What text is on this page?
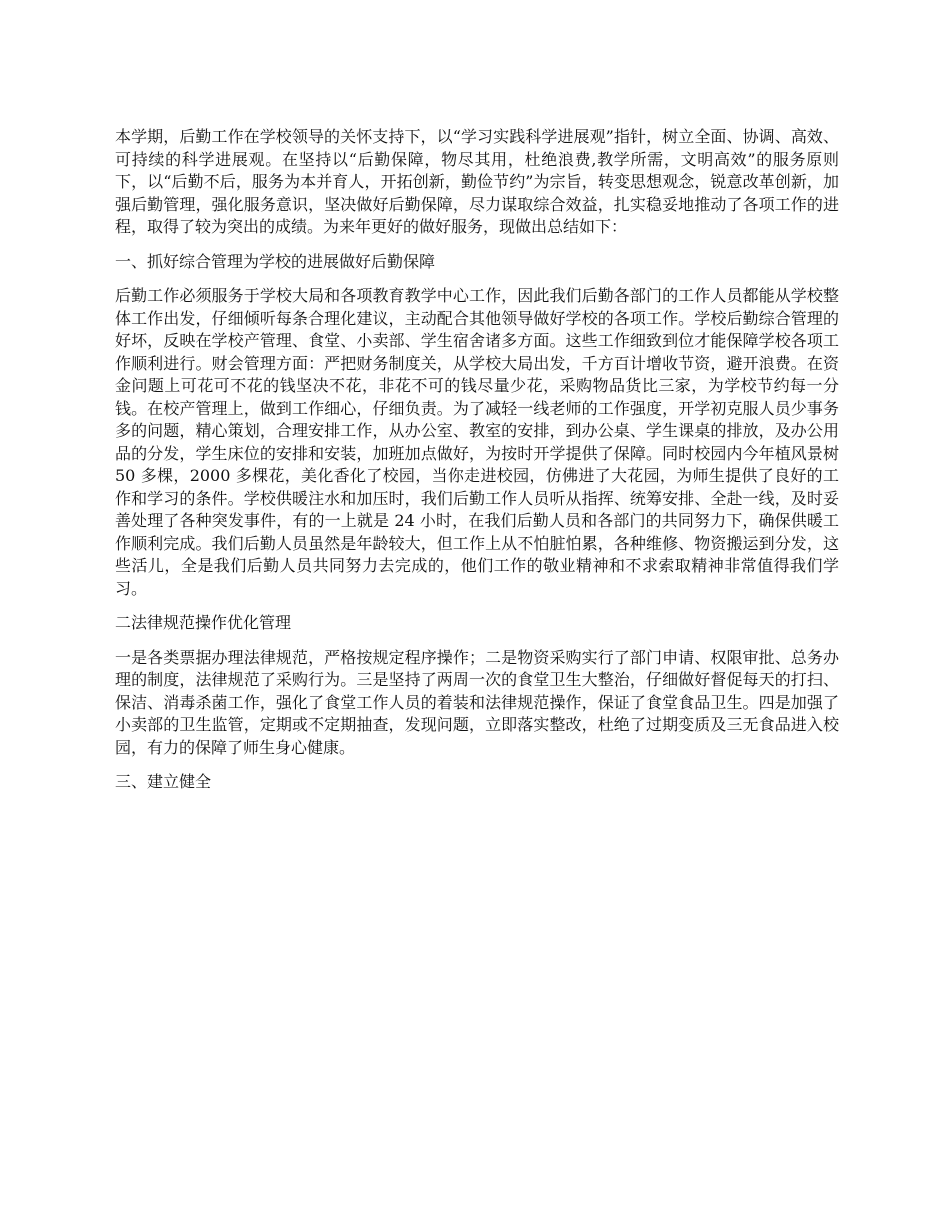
本学期，后勤工作在学校领导的关怀支持下，以“学习实践科学进展观”指针，树立全面、协调、高效、可持续的科学进展观。在坚持以“后勤保障，物尽其用，杜绝浪费,教学所需，文明高效”的服务原则下，以“后勤不后，服务为本并育人，开拓创新，勤俭节约”为宗旨，转变思想观念，锐意改革创新，加强后勤管理，强化服务意识，坚决做好后勤保障，尽力谋取综合效益，扎实稳妥地推动了各项工作的进程，取得了较为突出的成绩。为来年更好的做好服务，现做出总结如下：

一、抓好综合管理为学校的进展做好后勤保障

后勤工作必须服务于学校大局和各项教育教学中心工作，因此我们后勤各部门的工作人员都能从学校整体工作出发，仔细倾听每条合理化建议，主动配合其他领导做好学校的各项工作。学校后勤综合管理的好坏，反映在学校产管理、食堂、小卖部、学生宿舍诸多方面。这些工作细致到位才能保障学校各项工作顺利进行。财会管理方面：严把财务制度关，从学校大局出发，千方百计增收节资，避开浪费。在资金问题上可花可不花的钱坚决不花，非花不可的钱尽量少花，采购物品货比三家，为学校节约每一分钱。在校产管理上，做到工作细心，仔细负责。为了减轻一线老师的工作强度，开学初克服人员少事务多的问题，精心策划，合理安排工作，从办公室、教室的安排，到办公桌、学生课桌的排放，及办公用品的分发，学生床位的安排和安装，加班加点做好，为按时开学提供了保障。同时校园内今年植风景树 50 多棵，2000 多棵花，美化香化了校园，当你走进校园，仿佛进了大花园，为师生提供了良好的工作和学习的条件。学校供暖注水和加压时，我们后勤工作人员听从指挥、统筹安排、全赴一线，及时妥善处理了各种突发事件，有的一上就是 24 小时，在我们后勤人员和各部门的共同努力下，确保供暖工作顺利完成。我们后勤人员虽然是年龄较大，但工作上从不怕脏怕累，各种维修、物资搬运到分发，这些活儿，全是我们后勤人员共同努力去完成的，他们工作的敬业精神和不求索取精神非常值得我们学习。

二法律规范操作优化管理

一是各类票据办理法律规范，严格按规定程序操作；二是物资采购实行了部门申请、权限审批、总务办理的制度，法律规范了采购行为。三是坚持了两周一次的食堂卫生大整治，仔细做好督促每天的打扫、保洁、消毒杀菌工作，强化了食堂工作人员的着装和法律规范操作，保证了食堂食品卫生。四是加强了小卖部的卫生监管，定期或不定期抽查，发现问题，立即落实整改，杜绝了过期变质及三无食品进入校园，有力的保障了师生身心健康。

三、建立健全
